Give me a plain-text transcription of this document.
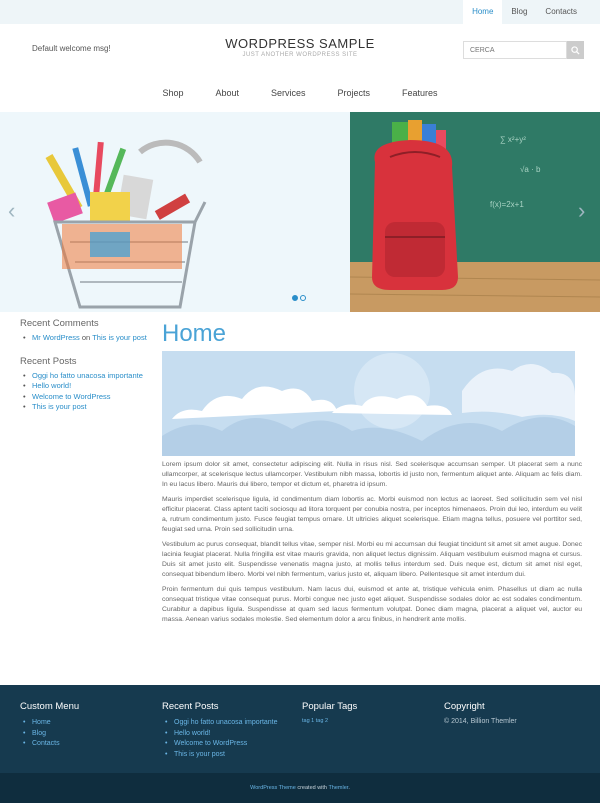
Home	Blog	Contacts
Default welcome msg!	WORDPRESS SAMPLE
JUST ANOTHER WORDPRESS SITE
CERCA
Shop	About	Services	Projects	Features
∑ x²+y²
√a · b
f(x)=2x+1
‹	›
Recent Comments
• Mr WordPress on This is your post
Recent Posts
• Oggi ho fatto unacosa importante
• Hello world!
• Welcome to WordPress
• This is your post
Home

Lorem ipsum dolor sit amet, consectetur adipiscing elit. Nulla in risus nisl. Sed scelerisque accumsan semper. Ut placerat sem a nunc ullamcorper, at scelerisque lectus ullamcorper. Vestibulum nibh massa, lobortis id justo non, fermentum aliquet ante. Aliquam ac felis diam. In eu lacus libero. Mauris dui libero, tempor et dictum et, pharetra id ipsum.

Mauris imperdiet scelerisque ligula, id condimentum diam lobortis ac. Morbi euismod non lectus ac laoreet. Sed sollicitudin sem vel nisl efficitur placerat. Class aptent taciti sociosqu ad litora torquent per conubia nostra, per inceptos himenaeos. Proin dui leo, interdum eu velit a, rutrum condimentum justo. Fusce feugiat tempus ornare. Ut ultricies aliquet scelerisque. Etiam magna tellus, posuere vel porttitor sed, feugiat sed urna. Proin sed sollicitudin urna.

Vestibulum ac purus consequat, blandit tellus vitae, semper nisl. Morbi eu mi accumsan dui feugiat tincidunt sit amet sit amet augue. Donec lacinia feugiat placerat. Nulla fringilla est vitae mauris gravida, non aliquet lectus dignissim. Aliquam vestibulum euismod magna et cursus. Duis sit amet justo elit. Suspendisse venenatis magna justo, at mollis tellus interdum sed. Duis neque est, dictum sit amet nisl eget, consequat bibendum libero. Morbi vel nibh fermentum, varius justo et, aliquam libero. Pellentesque sit amet interdum dui.

Proin fermentum dui quis tempus vestibulum. Nam lacus dui, euismod et ante at, tristique vehicula enim. Phasellus ut diam ac nulla consequat tristique vitae consequat purus. Morbi congue nec justo eget aliquet. Suspendisse sodales dolor ac est sodales condimentum. Curabitur a dapibus ligula. Suspendisse at quam sed lacus fermentum volutpat. Donec diam magna, placerat a aliquet vel, auctor eu massa. Aenean varius sodales molestie. Sed elementum dolor a arcu finibus, in hendrerit ante mollis.

Custom Menu
• Home
• Blog
• Contacts
Recent Posts
• Oggi ho fatto unacosa importante
• Hello world!
• Welcome to WordPress
• This is your post
Popular Tags
tag 1 tag 2
Copyright
© 2014, Billion Themler
WordPress Theme created with Themler.
